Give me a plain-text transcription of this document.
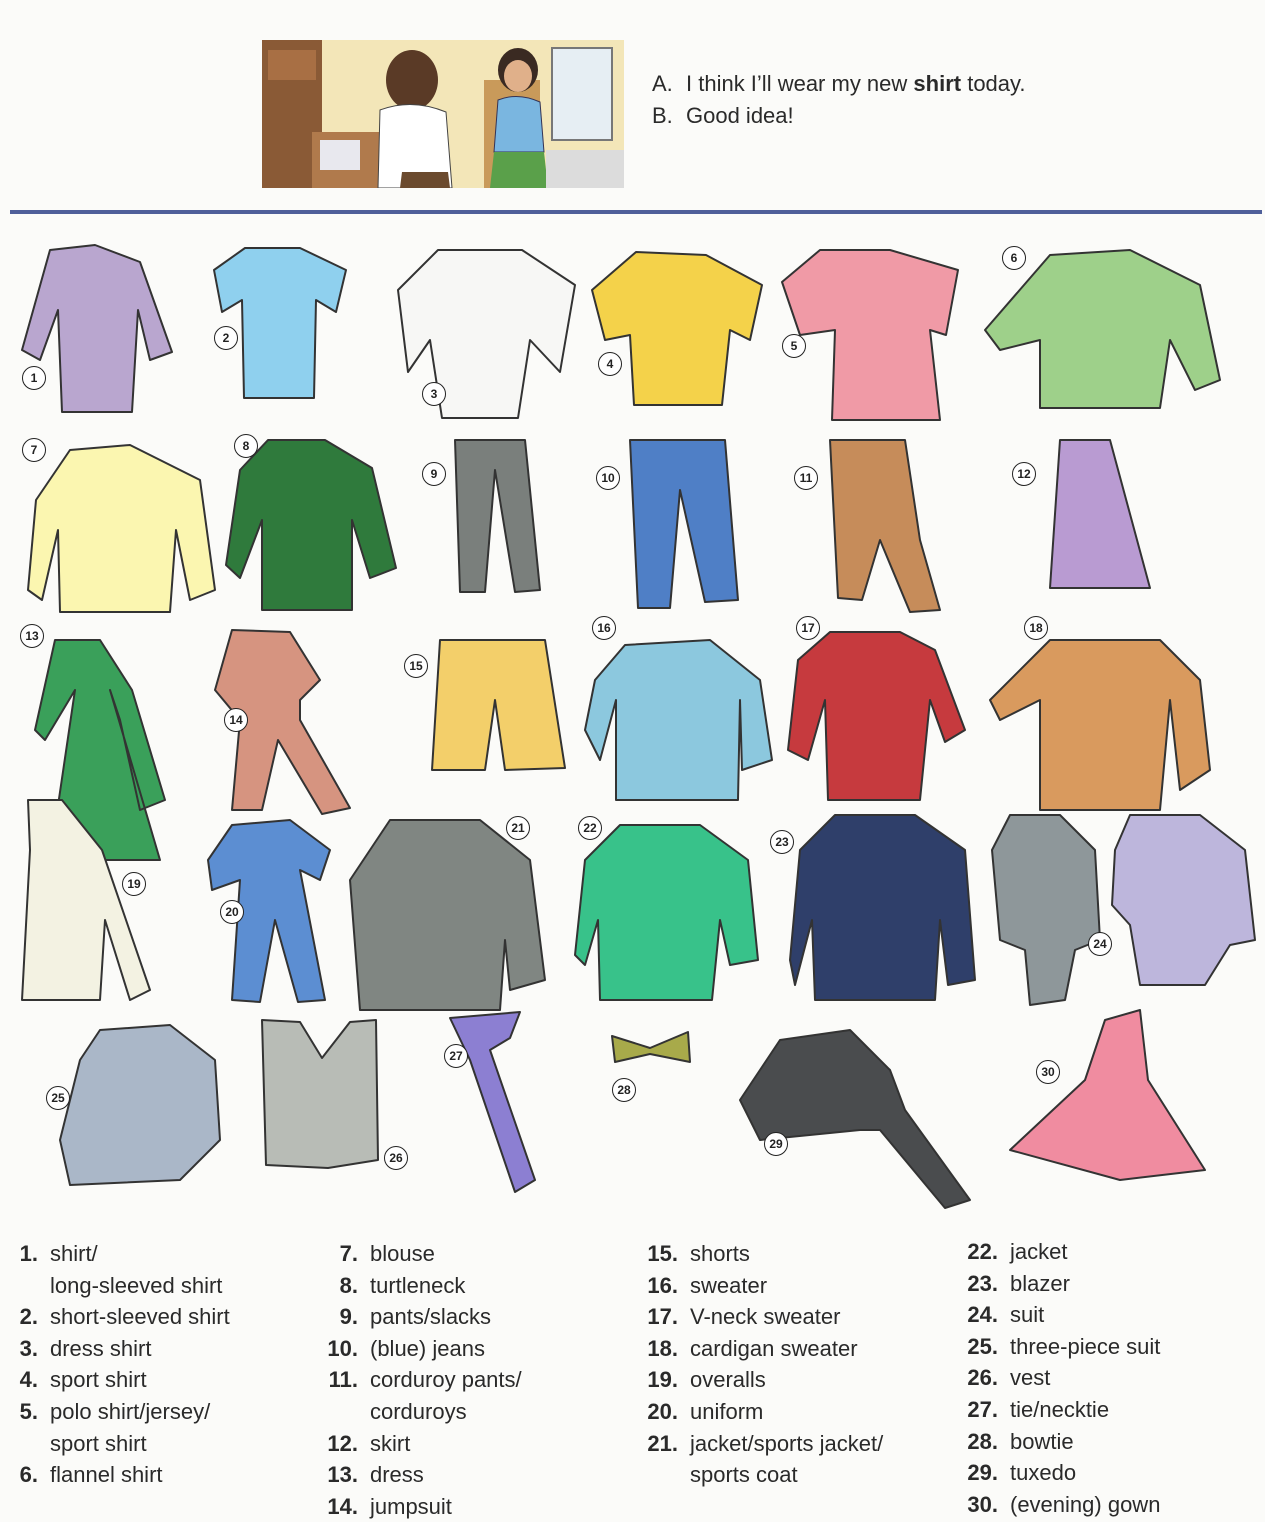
A. I think I’ll wear my new shirt today.
B. Good idea!
1
2
3
4
5
6
7	8
9	10	11	12
13
14
15
16	17	18
19
20
21	22
23
24
25
26
27
28
29
30
1. shirt/
long-sleeved shirt
2. short-sleeved shirt
3. dress shirt
4. sport shirt
5. polo shirt/jersey/
sport shirt
6. flannel shirt
7. blouse
8. turtleneck
9. pants/slacks
10. (blue) jeans
11. corduroy pants/
corduroys
12. skirt
13. dress
14. jumpsuit
15. shorts
16. sweater
17. V-neck sweater
18. cardigan sweater
19. overalls
20. uniform
21. jacket/sports jacket/
sports coat
22. jacket
23. blazer
24. suit
25. three-piece suit
26. vest
27. tie/necktie
28. bowtie
29. tuxedo
30. (evening) gown
